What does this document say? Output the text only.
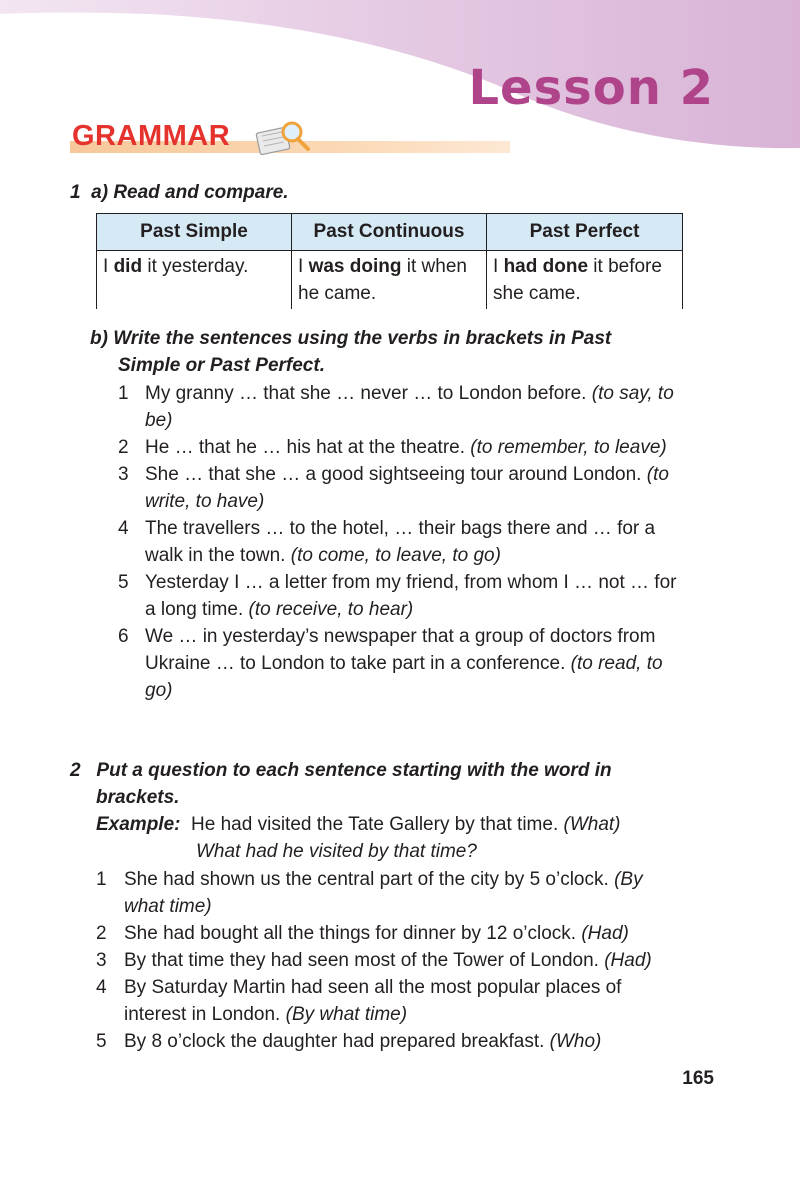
Lesson 2
GRAMMAR

1 a) Read and compare.

Past Simple	Past Continuous	Past Perfect
I did it yesterday.	I was doing it when he came.	I had done it before she came.

b) Write the sentences using the verbs in brackets in Past

Simple or Past Perfect.

1 My granny … that she … never … to London before. (to say, to be)
2 He … that he … his hat at the theatre. (to remember, to leave)
3 She … that she … a good sightseeing tour around London. (to write, to have)
4 The travellers … to the hotel, … their bags there and … for a walk in the town. (to come, to leave, to go)
5 Yesterday I … a letter from my friend, from whom I … not … for a long time. (to receive, to hear)
6 We … in yesterday’s newspaper that a group of doctors from Ukraine … to London to take part in a conference. (to read, to go)

2 Put a question to each sentence starting with the word in

brackets.

Example: He had visited the Tate Gallery by that time. (What)

What had he visited by that time?

1 She had shown us the central part of the city by 5 o’clock. (By what time)
2 She had bought all the things for dinner by 12 o’clock. (Had)
3 By that time they had seen most of the Tower of London. (Had)
4 By Saturday Martin had seen all the most popular places of interest in London. (By what time)
5 By 8 o’clock the daughter had prepared breakfast. (Who)

165
